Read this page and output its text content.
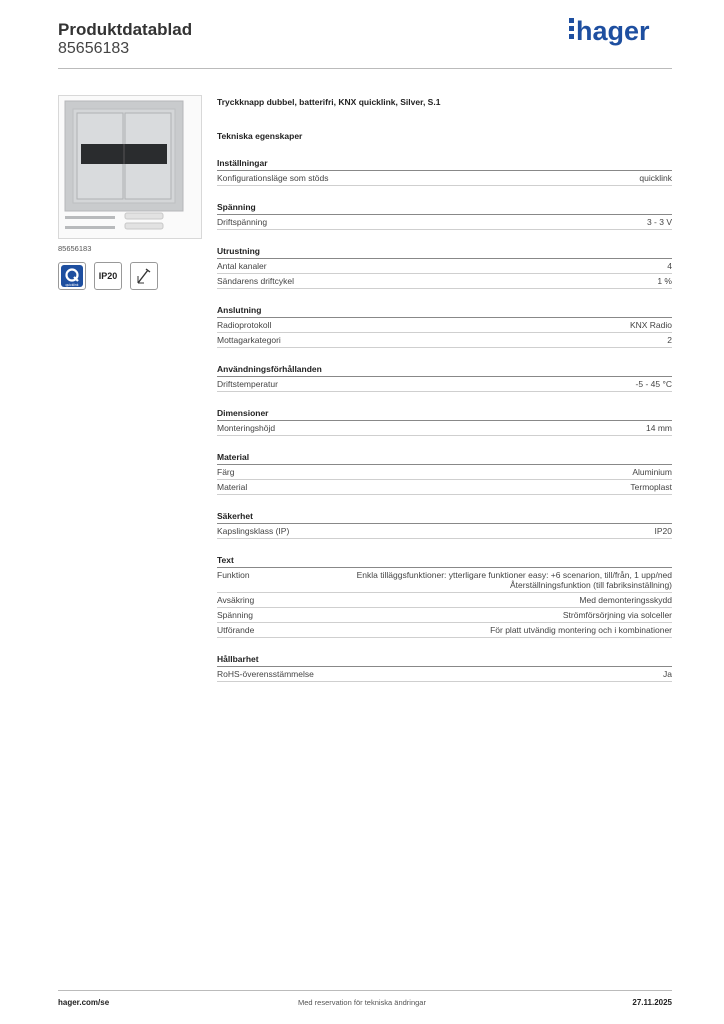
Produktdatablad
85656183
hager
85656183
quicklink
IP20
Tryckknapp dubbel, batterifri, KNX quicklink, Silver, S.1
Tekniska egenskaper
Inställningar
Konfigurationsläge som stöds	quicklink
Spänning
Driftspänning	3 - 3 V
Utrustning
Antal kanaler	4
Sändarens driftcykel	1 %
Anslutning
Radioprotokoll	KNX Radio
Mottagarkategori	2
Användningsförhållanden
Driftstemperatur	-5 - 45 °C
Dimensioner
Monteringshöjd	14 mm
Material
Färg	Aluminium
Material	Termoplast
Säkerhet
Kapslingsklass (IP)	IP20
Text
Funktion	Enkla tilläggsfunktioner: ytterligare funktioner easy: +6 scenarion, till/från, 1 upp/ned Återställningsfunktion (till fabriksinställning)
Avsäkring	Med demonteringsskydd
Spänning	Strömförsörjning via solceller
Utförande	För platt utvändig montering och i kombinationer
Hållbarhet
RoHS-överensstämmelse	Ja
hager.com/se	Med reservation för tekniska ändringar	27.11.2025
